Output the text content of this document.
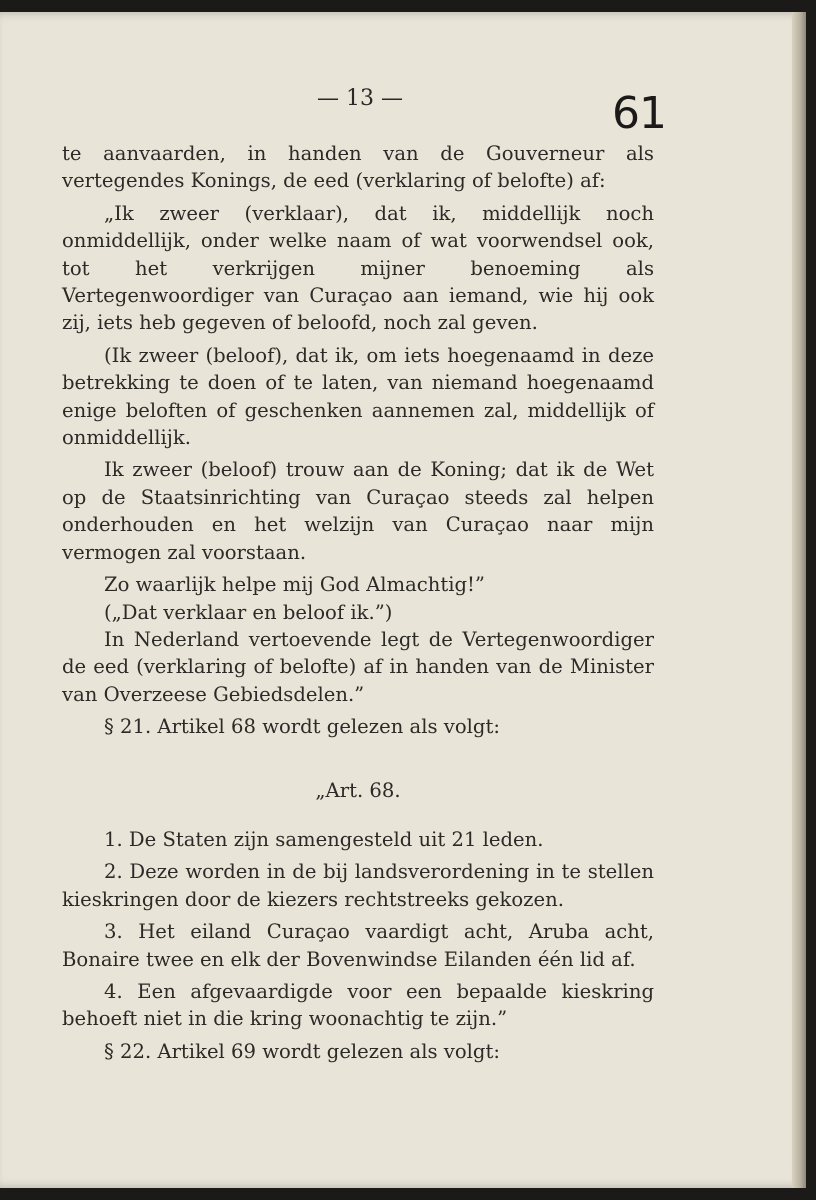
— 13 —	61

te aanvaarden, in handen van de Gouverneur als vertegendes Konings, de eed (verklaring of belofte) af:

„Ik zweer (verklaar), dat ik, middellijk noch onmiddellijk, onder welke naam of wat voorwendsel ook, tot het verkrijgen mijner benoeming als Vertegenwoordiger van Curaçao aan iemand, wie hij ook zij, iets heb gegeven of beloofd, noch zal geven.

(Ik zweer (beloof), dat ik, om iets hoegenaamd in deze betrekking te doen of te laten, van niemand hoegenaamd enige beloften of geschenken aannemen zal, middellijk of onmiddellijk.

Ik zweer (beloof) trouw aan de Koning; dat ik de Wet op de Staatsinrichting van Curaçao steeds zal helpen onderhouden en het welzijn van Curaçao naar mijn vermogen zal voorstaan.

Zo waarlijk helpe mij God Almachtig!”

(„Dat verklaar en beloof ik.”)

In Nederland vertoevende legt de Vertegenwoordiger de eed (verklaring of belofte) af in handen van de Minister van Overzeese Gebiedsdelen.”

§ 21. Artikel 68 wordt gelezen als volgt:

„Art. 68.

1. De Staten zijn samengesteld uit 21 leden.

2. Deze worden in de bij landsverordening in te stellen kieskringen door de kiezers rechtstreeks gekozen.

3. Het eiland Curaçao vaardigt acht, Aruba acht, Bonaire twee en elk der Bovenwindse Eilanden één lid af.

4. Een afgevaardigde voor een bepaalde kieskring behoeft niet in die kring woonachtig te zijn.”

§ 22. Artikel 69 wordt gelezen als volgt:
